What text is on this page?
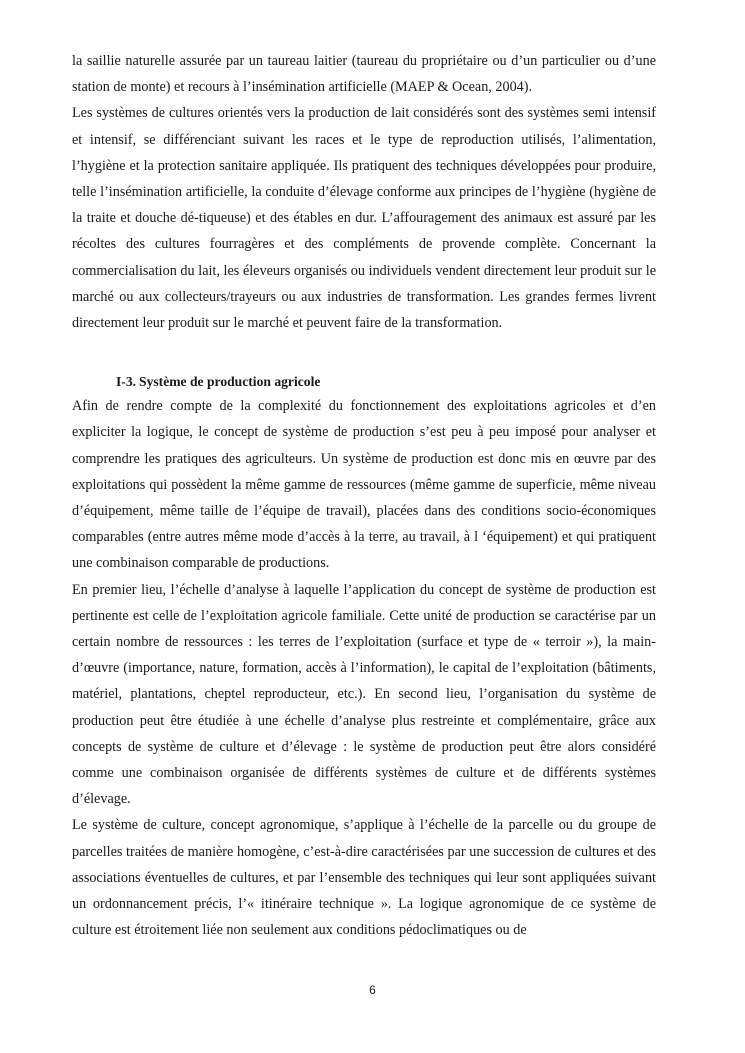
la saillie naturelle assurée par un taureau laitier (taureau du propriétaire ou d’un particulier ou d’une station de monte) et recours à l’insémination artificielle (MAEP & Ocean, 2004).

Les systèmes de cultures orientés vers la production de lait considérés sont des systèmes semi intensif et intensif, se différenciant suivant les races et le type de reproduction utilisés, l’alimentation, l’hygiène et la protection sanitaire appliquée. Ils pratiquent des techniques développées pour produire, telle l’insémination artificielle, la conduite d’élevage conforme aux principes de l’hygiène (hygiène de la traite et douche dé-tiqueuse) et des étables en dur. L’affouragement des animaux est assuré par les récoltes des cultures fourragères et des compléments de provende complète. Concernant la commercialisation du lait, les éleveurs organisés ou individuels vendent directement leur produit sur le marché ou aux collecteurs/trayeurs ou aux industries de transformation. Les grandes fermes livrent directement leur produit sur le marché et peuvent faire de la transformation.

I-3. Système de production agricole

Afin de rendre compte de la complexité du fonctionnement des exploitations agricoles et d’en expliciter la logique, le concept de système de production s’est peu à peu imposé pour analyser et comprendre les pratiques des agriculteurs. Un système de production est donc mis en œuvre par des exploitations qui possèdent la même gamme de ressources (même gamme de superficie, même niveau d’équipement, même taille de l’équipe de travail), placées dans des conditions socio-économiques comparables (entre autres même mode d’accès à la terre, au travail, à l ‘équipement) et qui pratiquent une combinaison comparable de productions.

En premier lieu, l’échelle d’analyse à laquelle l’application du concept de système de production est pertinente est celle de l’exploitation agricole familiale. Cette unité de production se caractérise par un certain nombre de ressources : les terres de l’exploitation (surface et type de « terroir »), la main-d’œuvre (importance, nature, formation, accès à l’information), le capital de l’exploitation (bâtiments, matériel, plantations, cheptel reproducteur, etc.). En second lieu, l’organisation du système de production peut être étudiée à une échelle d’analyse plus restreinte et complémentaire, grâce aux concepts de système de culture et d’élevage : le système de production peut être alors considéré comme une combinaison organisée de différents systèmes de culture et de différents systèmes d’élevage.

Le système de culture, concept agronomique, s’applique à l’échelle de la parcelle ou du groupe de parcelles traitées de manière homogène, c’est-à-dire caractérisées par une succession de cultures et des associations éventuelles de cultures, et par l’ensemble des techniques qui leur sont appliquées suivant un ordonnancement précis, l’« itinéraire technique ». La logique agronomique de ce système de culture est étroitement liée non seulement aux conditions pédoclimatiques ou de

6
